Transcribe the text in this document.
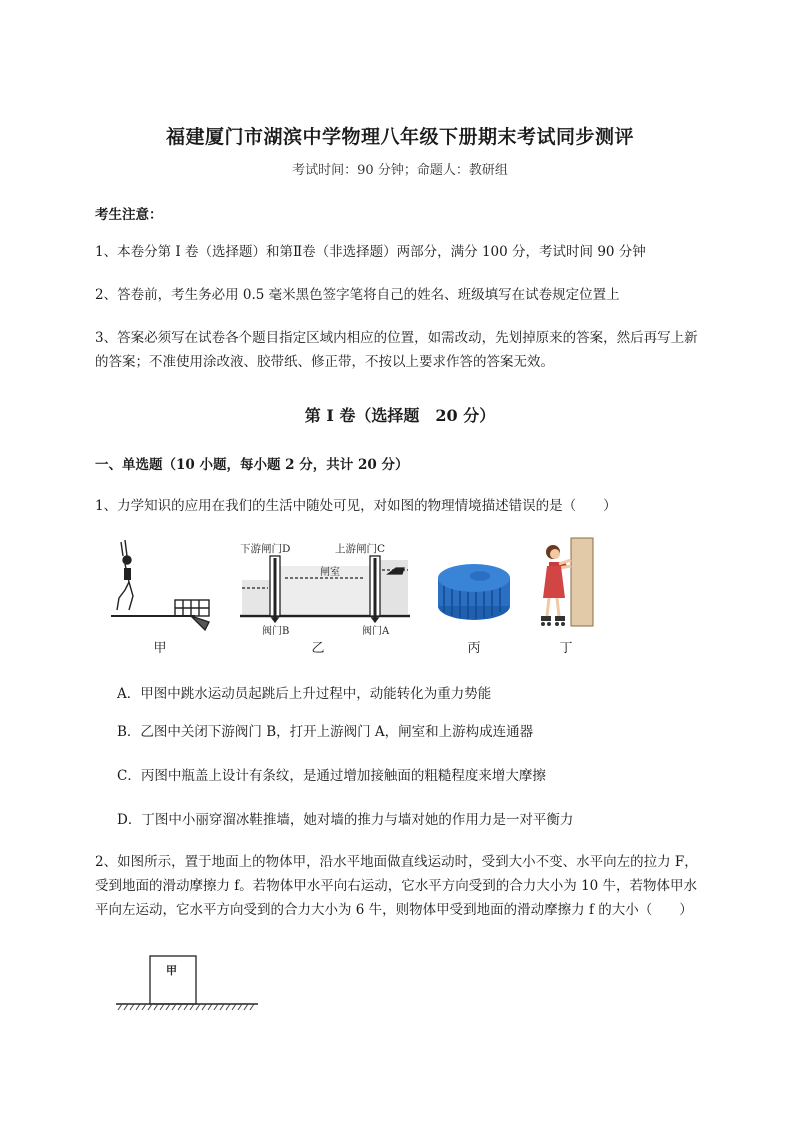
福建厦门市湖滨中学物理八年级下册期末考试同步测评
考试时间：90 分钟；命题人：教研组
考生注意：
1、本卷分第 I 卷（选择题）和第Ⅱ卷（非选择题）两部分，满分 100 分，考试时间 90 分钟
2、答卷前，考生务必用 0.5 毫米黑色签字笔将自己的姓名、班级填写在试卷规定位置上
3、答案必须写在试卷各个题目指定区域内相应的位置，如需改动，先划掉原来的答案，然后再写上新
的答案；不准使用涂改液、胶带纸、修正带，不按以上要求作答的答案无效。
第 I 卷（选择题　20 分）
一、单选题（10 小题，每小题 2 分，共计 20 分）
1、力学知识的应用在我们的生活中随处可见，对如图的物理情境描述错误的是（　　）
甲
下游闸门D	上游闸门C
闸室
阀门B	阀门A
乙	丙	丁
A．甲图中跳水运动员起跳后上升过程中，动能转化为重力势能
B．乙图中关闭下游阀门 B，打开上游阀门 A，闸室和上游构成连通器
C．丙图中瓶盖上设计有条纹，是通过增加接触面的粗糙程度来增大摩擦
D．丁图中小丽穿溜冰鞋推墙，她对墙的推力与墙对她的作用力是一对平衡力
2、如图所示，置于地面上的物体甲，沿水平地面做直线运动时，受到大小不变、水平向左的拉力 F，
受到地面的滑动摩擦力 f。若物体甲水平向右运动，它水平方向受到的合力大小为 10 牛，若物体甲水
平向左运动，它水平方向受到的合力大小为 6 牛，则物体甲受到地面的滑动摩擦力 f 的大小（　　）
甲
